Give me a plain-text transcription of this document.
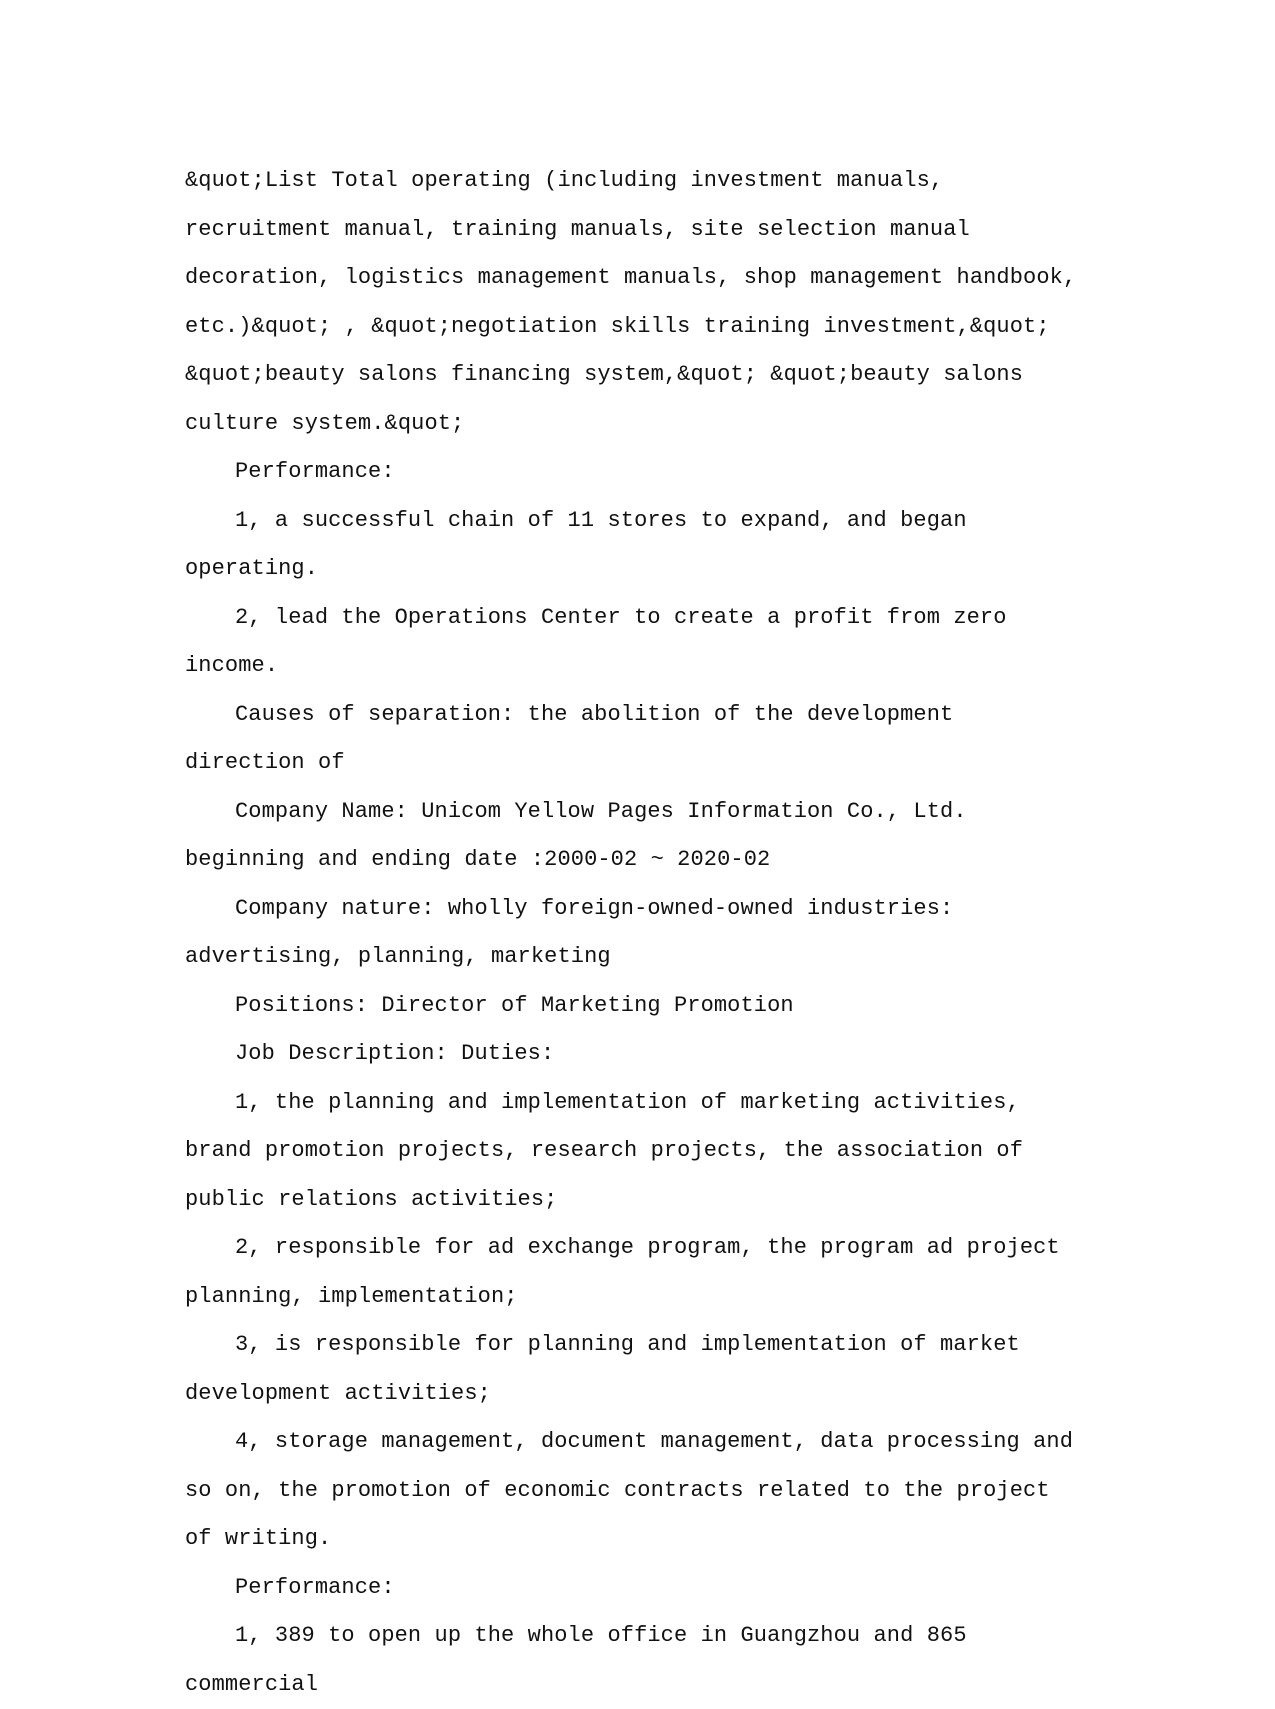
&quot;List Total operating (including investment manuals, recruitment manual, training manuals, site selection manual decoration, logistics management manuals, shop management handbook, etc.)&quot; , &quot;negotiation skills training investment,&quot; &quot;beauty salons financing system,&quot; &quot;beauty salons culture system.&quot;

Performance:

1, a successful chain of 11 stores to expand, and began operating.

2, lead the Operations Center to create a profit from zero income.

Causes of separation: the abolition of the development direction of

Company Name: Unicom Yellow Pages Information Co., Ltd. beginning and ending date :2000-02 ~ 2020-02

Company nature: wholly foreign-owned-owned industries: advertising, planning, marketing

Positions: Director of Marketing Promotion

Job Description: Duties:

1, the planning and implementation of marketing activities, brand promotion projects, research projects, the association of public relations activities;

2, responsible for ad exchange program, the program ad project planning, implementation;

3, is responsible for planning and implementation of market development activities;

4, storage management, document management, data processing and so on, the promotion of economic contracts related to the project of writing.

Performance:

1, 389 to open up the whole office in Guangzhou and 865 commercial
